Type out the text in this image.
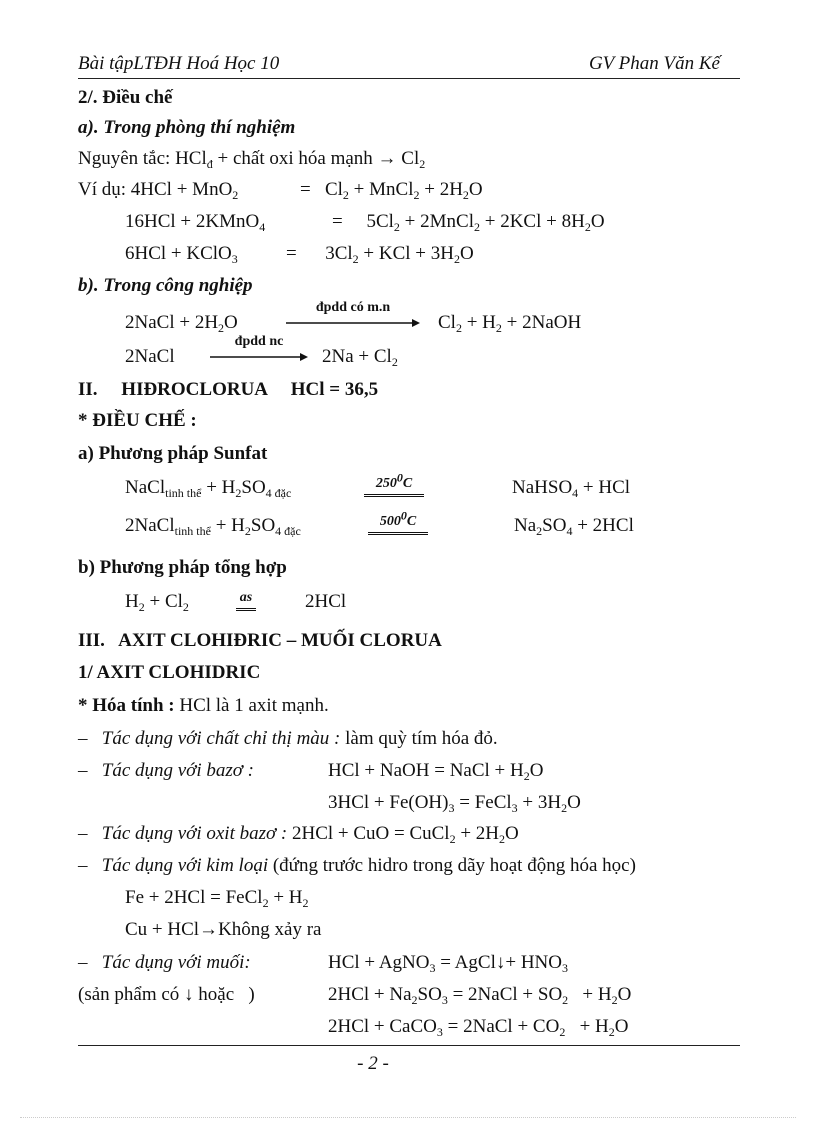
Bài tậpLTĐH Hoá Học 10	GV Phan Văn Kế
2/. Điều chế
a). Trong phòng thí nghiệm
Nguyên tắc: HCl$_đ$ + chất oxi hóa mạnh → $Cl_2$
Ví dụ: 4HCl + MnO$_2$	=   $Cl_2$ + MnCl$_2$ + $2H_2O$
16HCl + 2KMnO$_4$	=     $5Cl_2$ + 2MnCl$_2$ + $2KCl + 8H_2O$
6HCl + KClO$_3$	=      $3Cl_2$ + KCl + $3H_2O$
b). Trong công nghiệp
2NaCl + $2H_2O$
đpdd có m.n
$Cl_2 + H_2$ + 2NaOH
2NaCl
đpdd nc
$2Na + Cl_2$
II.     HIĐROCLORUA     HCl = 36,5
* ĐIỀU CHẾ :
a) Phương pháp Sunfat
NaCl$_{tinh thể}$ + $H_2SO_{4 đặc}$
$250^0C$	NaHSO$_4$ + HCl
2NaCl$_{tinh thể}$ + $H_2SO_{4 đặc}$
$500^0C$	$Na_2SO_4 + 2HCl$
b) Phương pháp tổng hợp
$H_2 + Cl_2$
as	2HCl
III.   AXIT CLOHIĐRIC – MUỐI CLORUA
1/ AXIT CLOHIDRIC
* Hóa tính : HCl là 1 axit mạnh.
– Tác dụng với chất chỉ thị màu : làm quỳ tím hóa đỏ.
– Tác dụng với bazơ :	HCl + NaOH = NaCl + $H_2O$
$3HCl + Fe(OH)_3$ = FeCl$_3$ + $3H_2O$
– Tác dụng với oxit bazơ : 2HCl + CuO = CuCl$_2$ + $2H_2O$
– Tác dụng với kim loại (đứng trước hidro trong dãy hoạt động hóa học)
Fe + 2HCl = FeCl$_2$ + $H_2$
Cu + HCl→Không xảy ra
– Tác dụng với muối:	HCl + AgNO$_3$ = AgCl↓+ $HNO_3$
(sản phẩm có ↓ hoặc   )	$2HCl + Na_2SO_3$ = 2NaCl + $SO_2 + H_2O$
2HCl + CaCO$_3$ = 2NaCl + $CO_2 + H_2O$
- 2 -
